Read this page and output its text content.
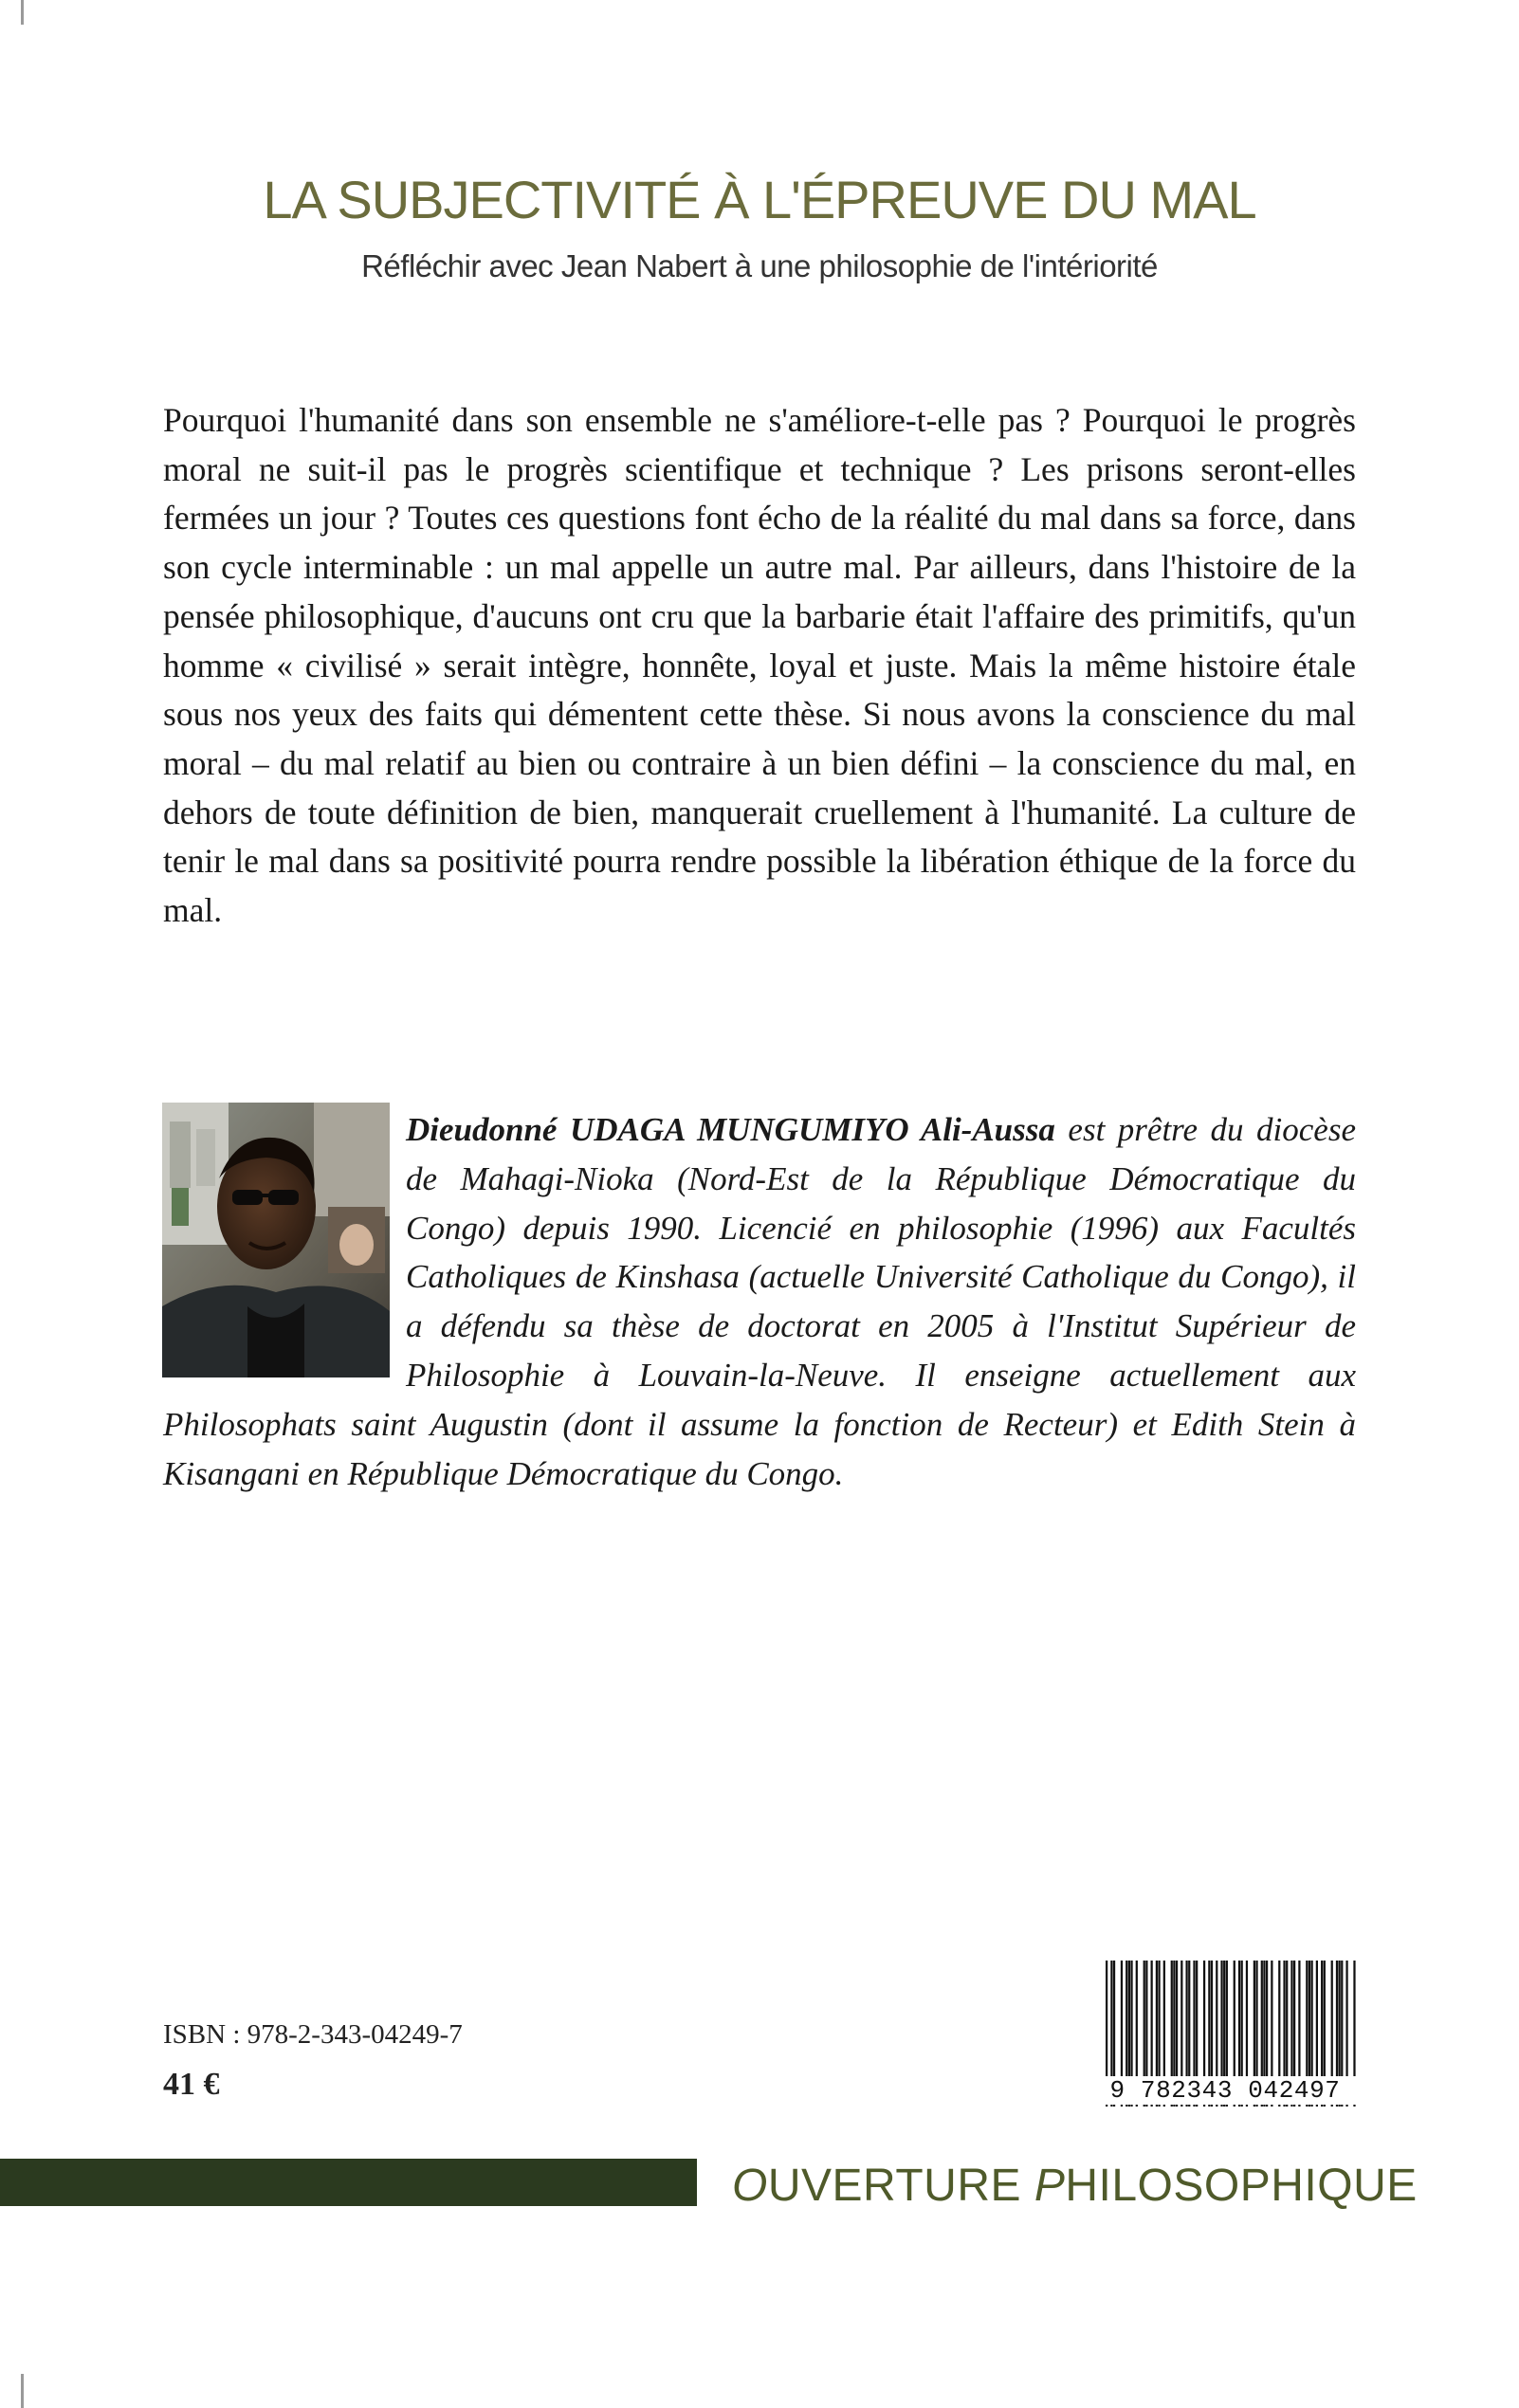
LA SUBJECTIVITÉ À L'ÉPREUVE DU MAL
Réfléchir avec Jean Nabert à une philosophie de l'intériorité

Pourquoi l'humanité dans son ensemble ne s'améliore-t-elle pas ? Pourquoi le progrès moral ne suit-il pas le progrès scientifique et technique ? Les prisons seront-elles fermées un jour ? Toutes ces questions font écho de la réalité du mal dans sa force, dans son cycle interminable : un mal appelle un autre mal. Par ailleurs, dans l'histoire de la pensée philosophique, d'aucuns ont cru que la barbarie était l'affaire des primitifs, qu'un homme « civilisé » serait intègre, honnête, loyal et juste. Mais la même histoire étale sous nos yeux des faits qui démentent cette thèse. Si nous avons la conscience du mal moral – du mal relatif au bien ou contraire à un bien défini – la conscience du mal, en dehors de toute définition de bien, manquerait cruellement à l'humanité. La culture de tenir le mal dans sa positivité pourra rendre possible la libération éthique de la force du mal.

Dieudonné UDAGA MUNGUMIYO Ali-Aussa est prêtre du diocèse de Mahagi-Nioka (Nord-Est de la République Démocratique du Congo) depuis 1990. Licencié en philosophie (1996) aux Facultés Catholiques de Kinshasa (actuelle Université Catholique du Congo), il a défendu sa thèse de doctorat en 2005 à l'Institut Supérieur de Philosophie à Louvain-la-Neuve. Il enseigne actuellement aux Philosophats saint Augustin (dont il assume la fonction de Recteur) et Edith Stein à Kisangani en République Démocratique du Congo.

ISBN : 978-2-343-04249-7
41 €	9 782343 042497
OUVERTURE PHILOSOPHIQUE
